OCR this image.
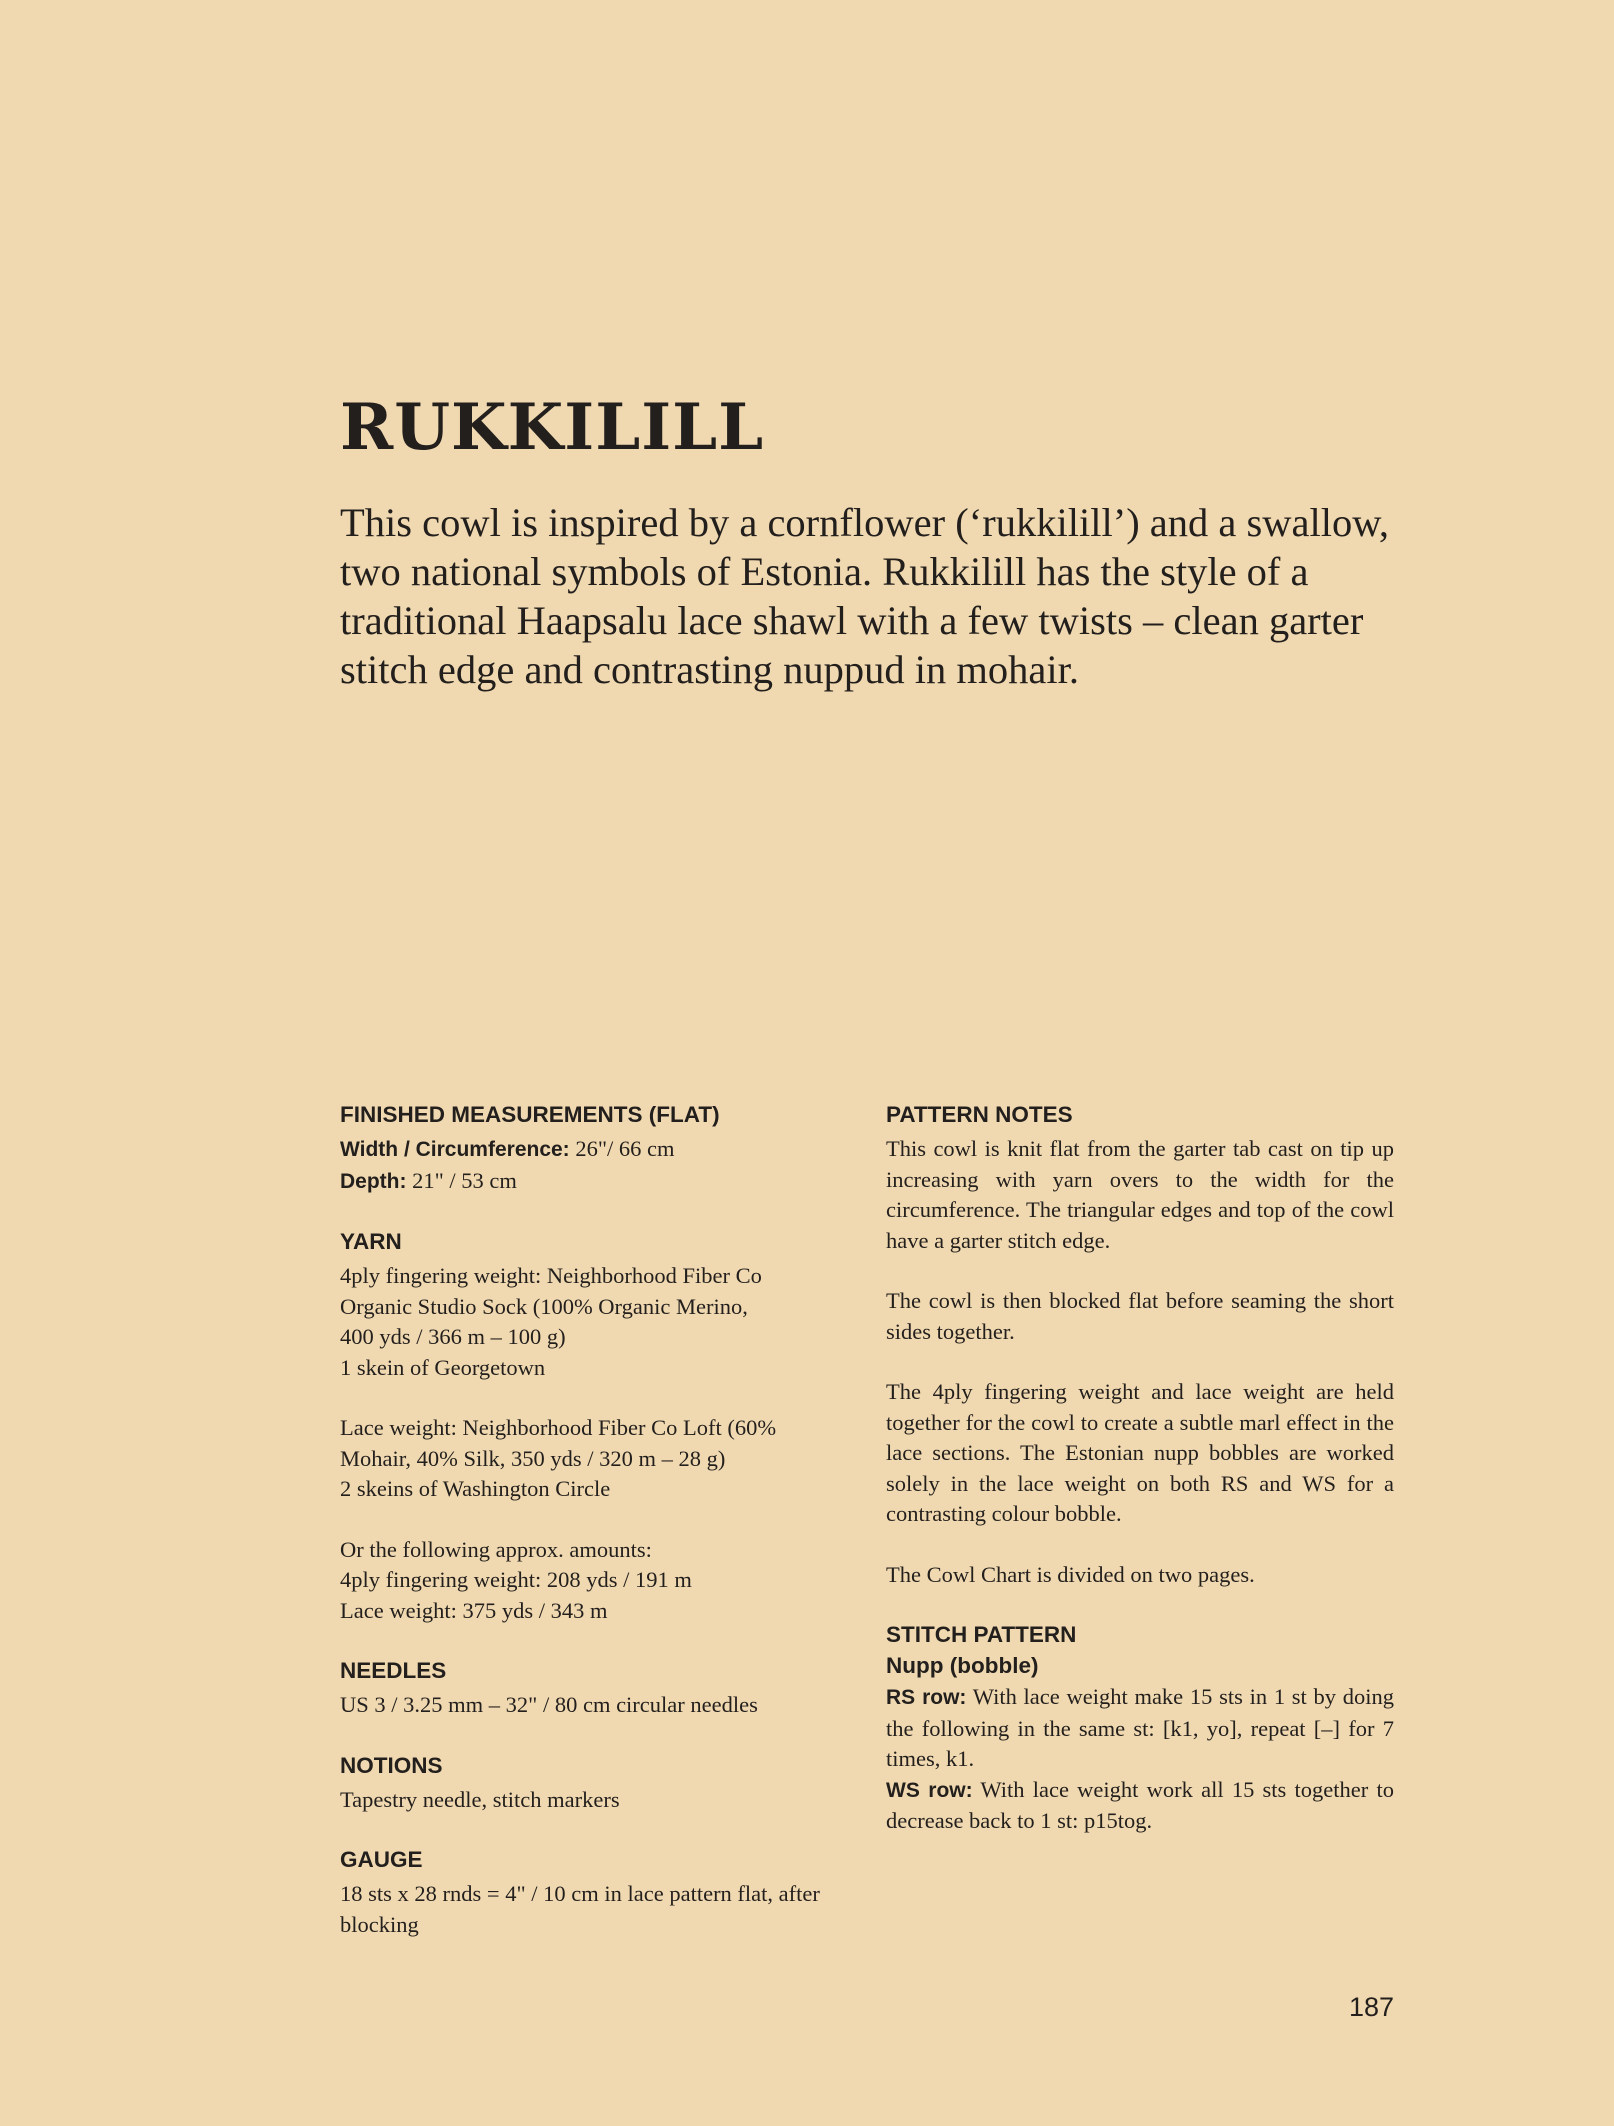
RUKKILILL

This cowl is inspired by a cornflower (‘rukkilill’) and a swallow, two national symbols of Estonia. Rukkilill has the style of a traditional Haapsalu lace shawl with a few twists – clean garter stitch edge and contrasting nuppud in mohair.

FINISHED MEASUREMENTS (FLAT)

Width / Circumference: 26"/ 66 cm

Depth: 21" / 53 cm

YARN

4ply fingering weight: Neighborhood Fiber Co
Organic Studio Sock (100% Organic Merino,
400 yds / 366 m – 100 g)
1 skein of Georgetown

Lace weight: Neighborhood Fiber Co Loft (60%
Mohair, 40% Silk, 350 yds / 320 m – 28 g)
2 skeins of Washington Circle

Or the following approx. amounts:
4ply fingering weight: 208 yds / 191 m
Lace weight: 375 yds / 343 m

NEEDLES

US 3 / 3.25 mm – 32" / 80 cm circular needles

NOTIONS

Tapestry needle, stitch markers

GAUGE

18 sts x 28 rnds = 4" / 10 cm in lace pattern flat, after
blocking

PATTERN NOTES

This cowl is knit flat from the garter tab cast on tip up increasing with yarn overs to the width for the circumference. The triangular edges and top of the cowl have a garter stitch edge.

The cowl is then blocked flat before seaming the short sides together.

The 4ply fingering weight and lace weight are held together for the cowl to create a subtle marl effect in the lace sections. The Estonian nupp bobbles are worked solely in the lace weight on both RS and WS for a contrasting colour bobble.

The Cowl Chart is divided on two pages.

STITCH PATTERN
Nupp (bobble)

RS row: With lace weight make 15 sts in 1 st by doing the following in the same st: [k1, yo], repeat [–] for 7 times, k1.

WS row: With lace weight work all 15 sts together to decrease back to 1 st: p15tog.

187
